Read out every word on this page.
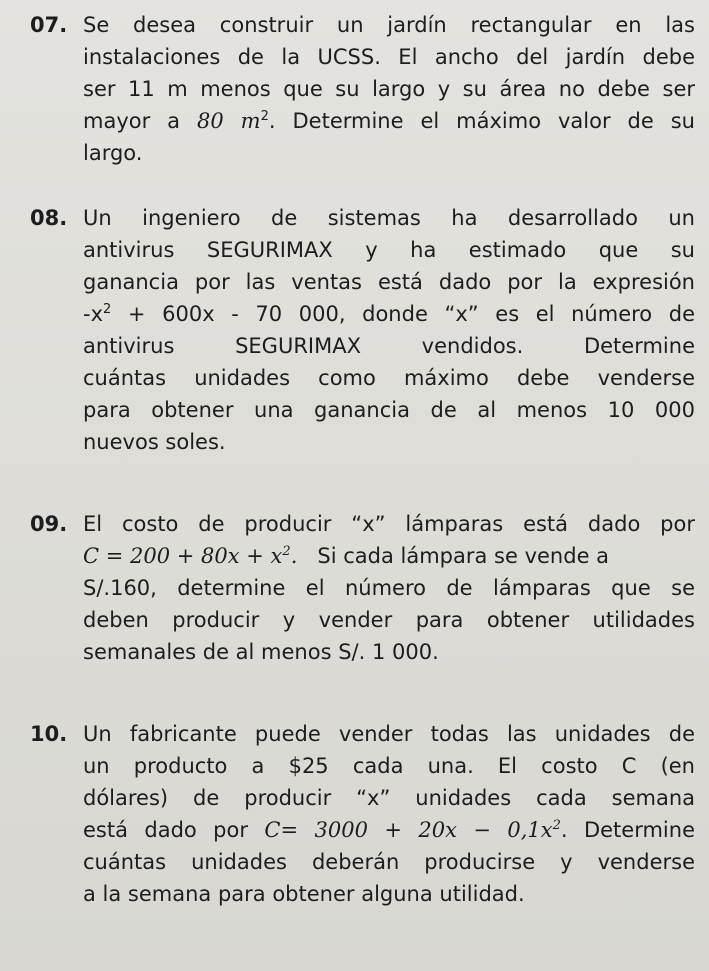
07. Se desea construir un jardín rectangular en las
instalaciones de la UCSS. El ancho del jardín debe
ser 11 m menos que su largo y su área no debe ser
mayor a 80 $m^2$. Determine el máximo valor de su
largo.
08. Un ingeniero de sistemas ha desarrollado un
antivirus SEGURIMAX y ha estimado que su
ganancia por las ventas está dado por la expresión
$-x^2 + 600x - 70$ 000, donde “x” es el número de
antivirus SEGURIMAX vendidos. Determine
cuántas unidades como máximo debe venderse
para obtener una ganancia de al menos 10 000
nuevos soles.
09. El costo de producir “x” lámparas está dado por
$C = 200 + 80x + x^2$. Si cada lámpara se vende a
S/.160, determine el número de lámparas que se
deben producir y vender para obtener utilidades
semanales de al menos S/. 1 000.
10. Un fabricante puede vender todas las unidades de
un producto a $25 cada una. El costo C (en
dólares) de producir “x” unidades cada semana
está dado por $C= 3000 + 20x - 0,1x^2$. Determine
cuántas unidades deberán producirse y venderse
a la semana para obtener alguna utilidad.
